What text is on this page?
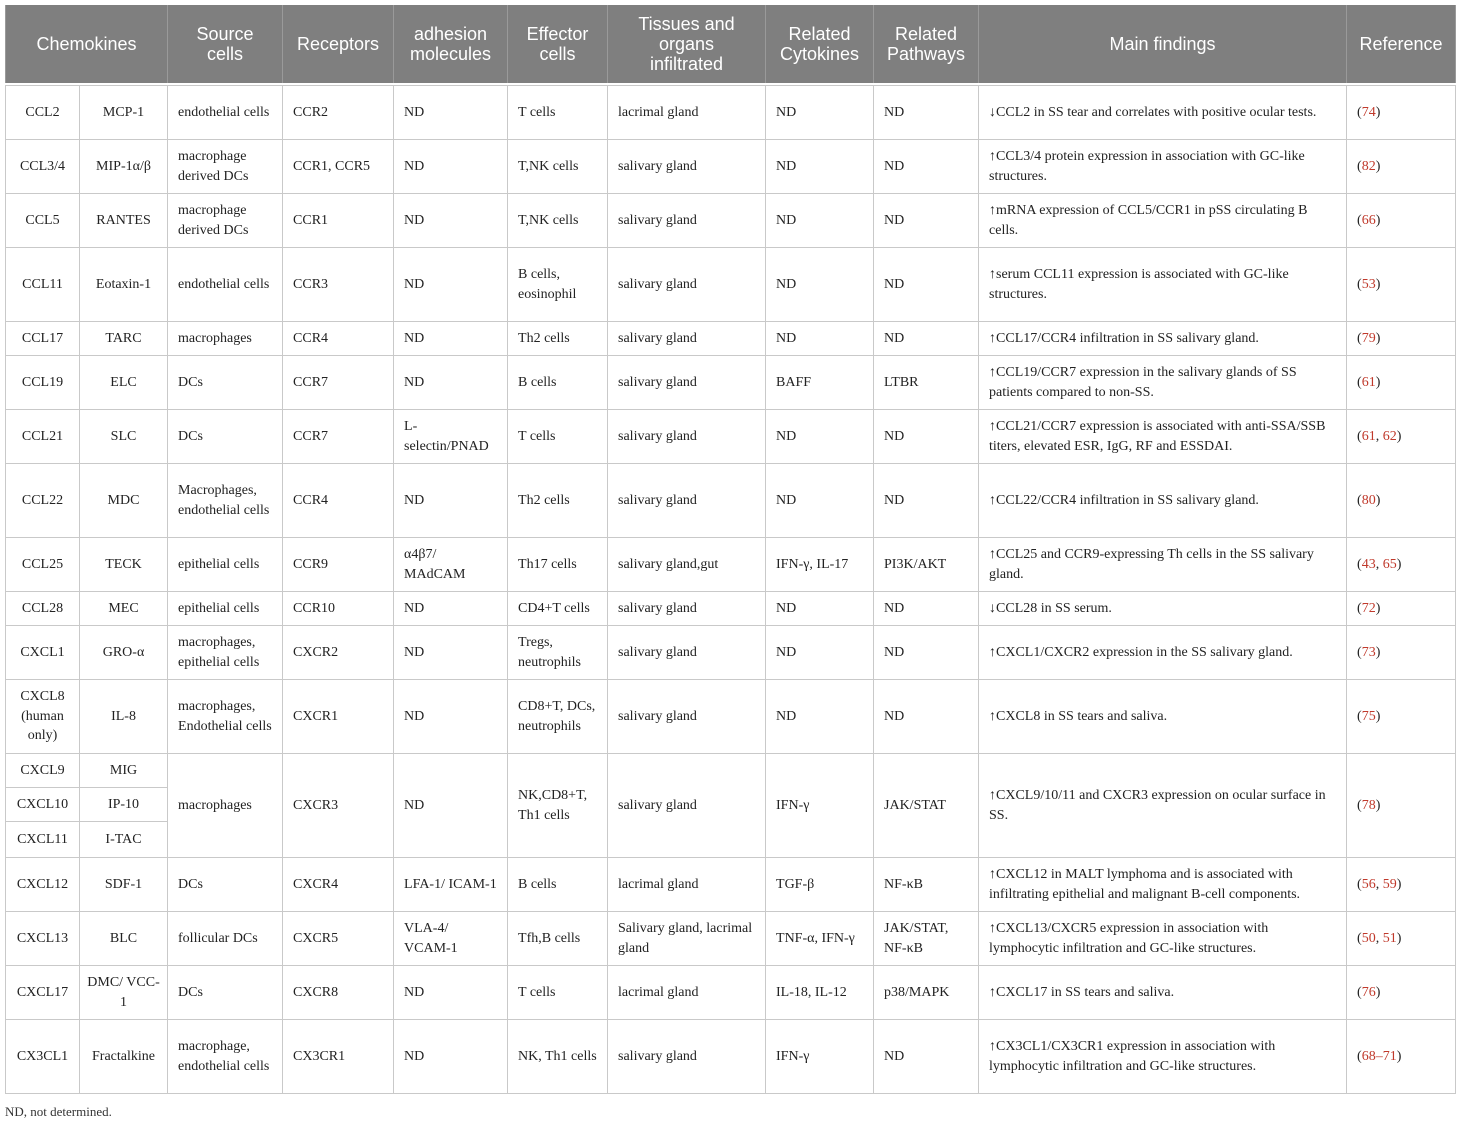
Chemokines		Source cells	Receptors	adhesion molecules	Effector cells	Tissues and organs infiltrated	Related Cytokines	Related Pathways	Main findings	Reference

CCL2	MCP-1	endothelial cells	CCR2	ND	T cells	lacrimal gland	ND	ND	↓CCL2 in SS tear and correlates with positive ocular tests.	(74)
CCL3/4	MIP-1α/β	macrophage derived DCs	CCR1, CCR5	ND	T,NK cells	salivary gland	ND	ND	↑CCL3/4 protein expression in association with GC-like structures.	(82)
CCL5	RANTES	macrophage derived DCs	CCR1	ND	T,NK cells	salivary gland	ND	ND	↑mRNA expression of CCL5/CCR1 in pSS circulating B cells.	(66)
CCL11	Eotaxin-1	endothelial cells	CCR3	ND	B cells, eosinophil	salivary gland	ND	ND	↑serum CCL11 expression is associated with GC-like structures.	(53)
CCL17	TARC	macrophages	CCR4	ND	Th2 cells	salivary gland	ND	ND	↑CCL17/CCR4 infiltration in SS salivary gland.	(79)
CCL19	ELC	DCs	CCR7	ND	B cells	salivary gland	BAFF	LTBR	↑CCL19/CCR7 expression in the salivary glands of SS patients compared to non-SS.	(61)
CCL21	SLC	DCs	CCR7	L-selectin/PNAD	T cells	salivary gland	ND	ND	↑CCL21/CCR7 expression is associated with anti-SSA/SSB titers, elevated ESR, IgG, RF and ESSDAI.	(61, 62)
CCL22	MDC	Macrophages, endothelial cells	CCR4	ND	Th2 cells	salivary gland	ND	ND	↑CCL22/CCR4 infiltration in SS salivary gland.	(80)
CCL25	TECK	epithelial cells	CCR9	α4β7/ MAdCAM	Th17 cells	salivary gland,gut	IFN-γ, IL-17	PI3K/AKT	↑CCL25 and CCR9-expressing Th cells in the SS salivary gland.	(43, 65)
CCL28	MEC	epithelial cells	CCR10	ND	CD4+T cells	salivary gland	ND	ND	↓CCL28 in SS serum.	(72)
CXCL1	GRO-α	macrophages, epithelial cells	CXCR2	ND	Tregs, neutrophils	salivary gland	ND	ND	↑CXCL1/CXCR2 expression in the SS salivary gland.	(73)
CXCL8 (human only)	IL-8	macrophages, Endothelial cells	CXCR1	ND	CD8+T, DCs, neutrophils	salivary gland	ND	ND	↑CXCL8 in SS tears and saliva.	(75)
CXCL9	MIG	macrophages	CXCR3	ND	NK,CD8+T, Th1 cells	salivary gland	IFN-γ	JAK/STAT	↑CXCL9/10/11 and CXCR3 expression on ocular surface in SS.	(78)
CXCL10	IP-10									
CXCL11	I-TAC									
CXCL12	SDF-1	DCs	CXCR4	LFA-1/ ICAM-1	B cells	lacrimal gland	TGF-β	NF-κB	↑CXCL12 in MALT lymphoma and is associated with infiltrating epithelial and malignant B-cell components.	(56, 59)
CXCL13	BLC	follicular DCs	CXCR5	VLA-4/ VCAM-1	Tfh,B cells	Salivary gland, lacrimal gland	TNF-α, IFN-γ	JAK/STAT, NF-κB	↑CXCL13/CXCR5 expression in association with lymphocytic infiltration and GC-like structures.	(50, 51)
CXCL17	DMC/ VCC-1	DCs	CXCR8	ND	T cells	lacrimal gland	IL-18, IL-12	p38/MAPK	↑CXCL17 in SS tears and saliva.	(76)
CX3CL1	Fractalkine	macrophage, endothelial cells	CX3CR1	ND	NK, Th1 cells	salivary gland	IFN-γ	ND	↑CX3CL1/CX3CR1 expression in association with lymphocytic infiltration and GC-like structures.	(68–71)
ND, not determined.
